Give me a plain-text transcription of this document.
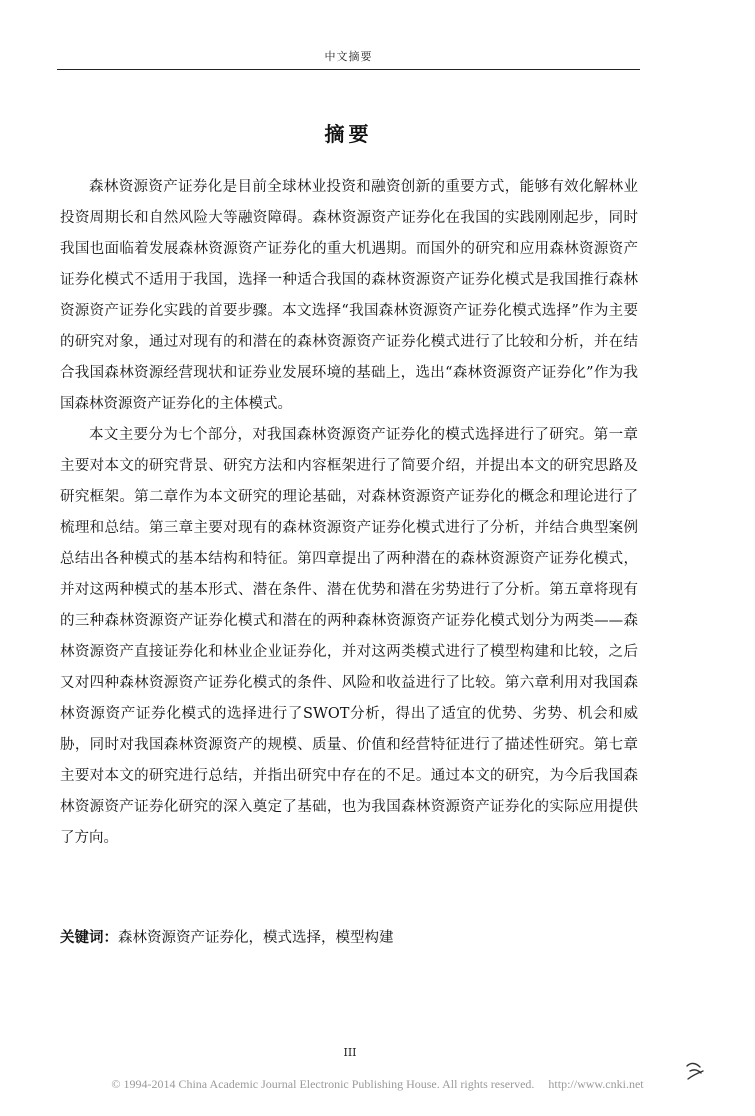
中文摘要
摘要

森林资源资产证券化是目前全球林业投资和融资创新的重要方式，能够有效化解林业投资周期长和自然风险大等融资障碍。森林资源资产证券化在我国的实践刚刚起步，同时我国也面临着发展森林资源资产证券化的重大机遇期。而国外的研究和应用森林资源资产证券化模式不适用于我国，选择一种适合我国的森林资源资产证券化模式是我国推行森林资源资产证券化实践的首要步骤。本文选择“我国森林资源资产证券化模式选择”作为主要的研究对象，通过对现有的和潜在的森林资源资产证券化模式进行了比较和分析，并在结合我国森林资源经营现状和证券业发展环境的基础上，选出“森林资源资产证券化”作为我国森林资源资产证券化的主体模式。

本文主要分为七个部分，对我国森林资源资产证券化的模式选择进行了研究。第一章主要对本文的研究背景、研究方法和内容框架进行了简要介绍，并提出本文的研究思路及研究框架。第二章作为本文研究的理论基础，对森林资源资产证券化的概念和理论进行了梳理和总结。第三章主要对现有的森林资源资产证券化模式进行了分析，并结合典型案例总结出各种模式的基本结构和特征。第四章提出了两种潜在的森林资源资产证券化模式，并对这两种模式的基本形式、潜在条件、潜在优势和潜在劣势进行了分析。第五章将现有的三种森林资源资产证券化模式和潜在的两种森林资源资产证券化模式划分为两类——森林资源资产直接证券化和林业企业证券化，并对这两类模式进行了模型构建和比较，之后又对四种森林资源资产证券化模式的条件、风险和收益进行了比较。第六章利用对我国森林资源资产证券化模式的选择进行了SWOT分析，得出了适宜的优势、劣势、机会和威胁，同时对我国森林资源资产的规模、质量、价值和经营特征进行了描述性研究。第七章主要对本文的研究进行总结，并指出研究中存在的不足。通过本文的研究，为今后我国森林资源资产证券化研究的深入奠定了基础，也为我国森林资源资产证券化的实际应用提供了方向。

关键词：森林资源资产证券化，模式选择，模型构建
III
© 1994-2014 China Academic Journal Electronic Publishing House. All rights reserved. http://www.cnki.net
